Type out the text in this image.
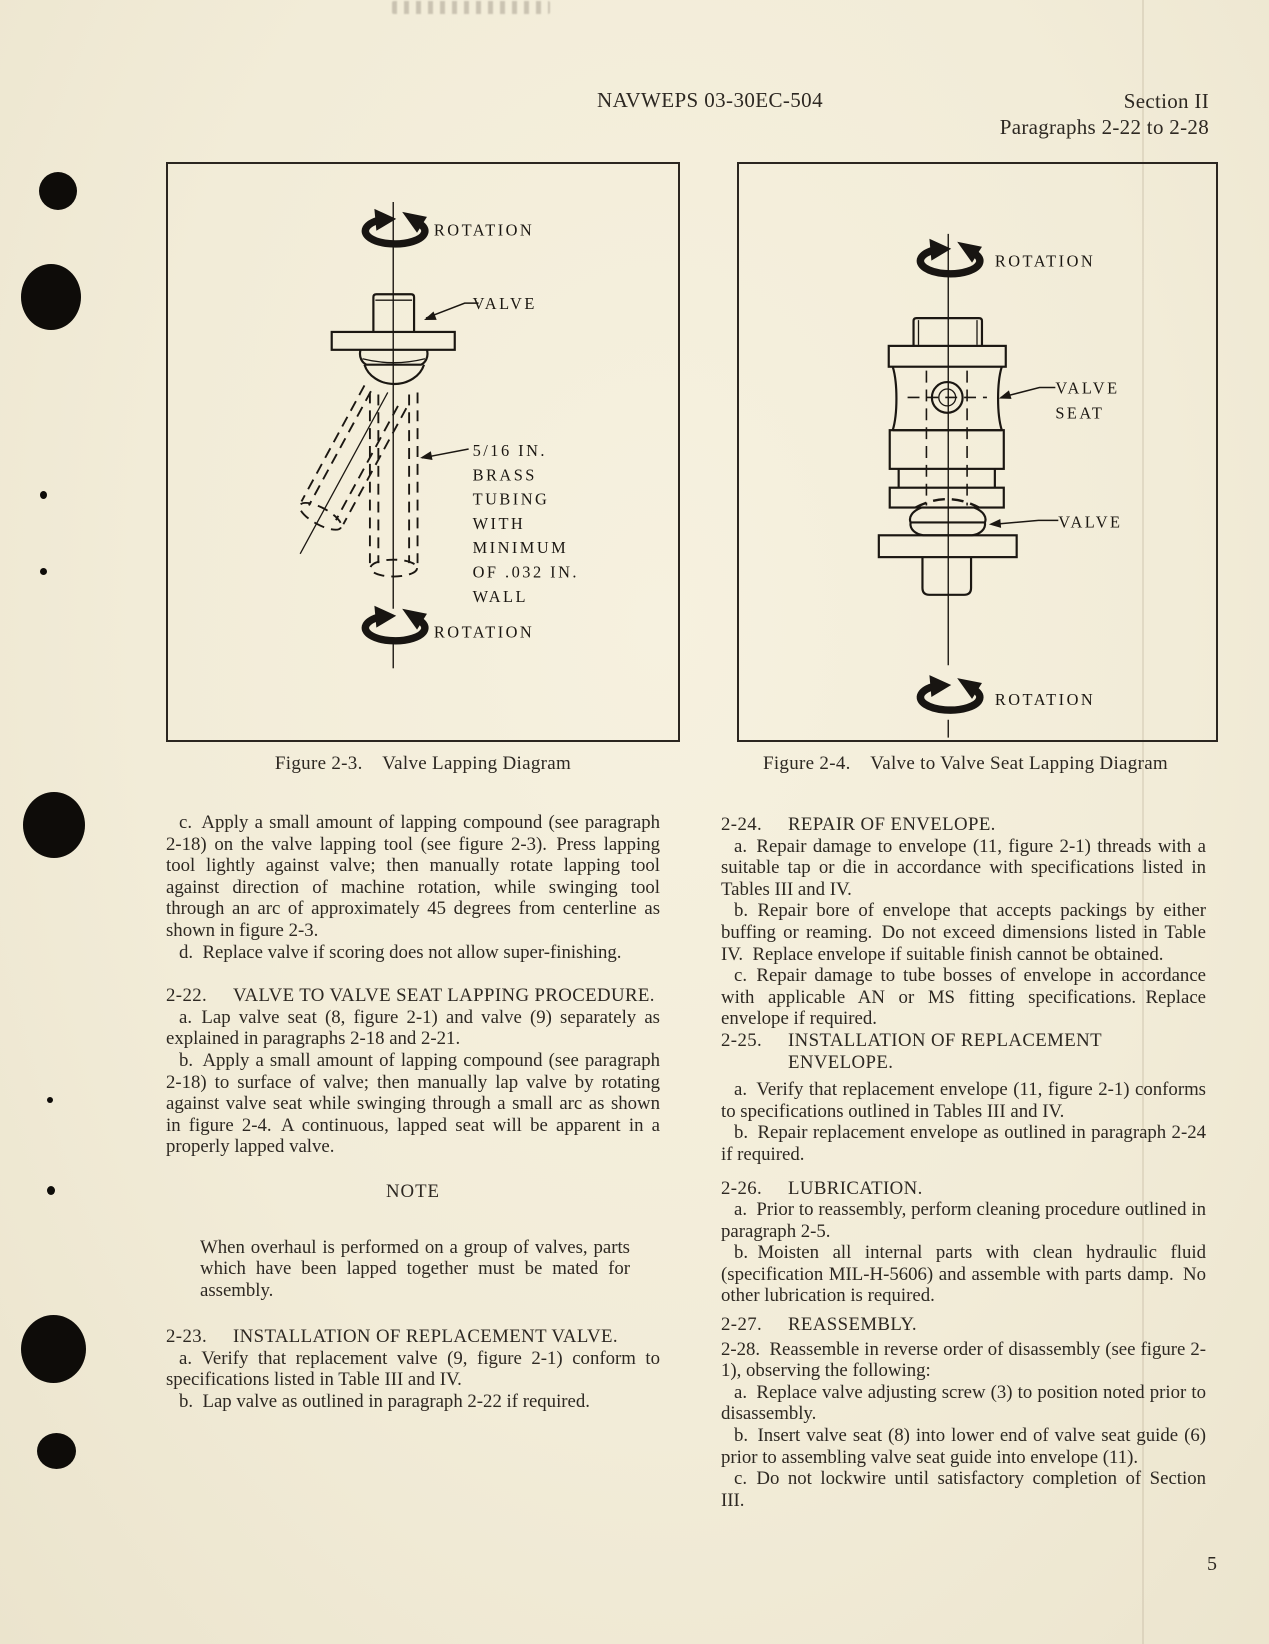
NAVWEPS 03-30EC-504	Section II
Paragraphs 2-22 to 2-28
ROTATION
VALVE
5/16 IN.
BRASS
TUBING
WITH
MINIMUM
OF .032 IN.
WALL
ROTATION
ROTATION
VALVE
SEAT
VALVE
ROTATION
Figure 2-3.  Valve Lapping Diagram	Figure 2-4.  Valve to Valve Seat Lapping Diagram

c. Apply a small amount of lapping compound (see paragraph 2-18) on the valve lapping tool (see figure 2-3). Press lapping tool lightly against valve; then manually rotate lapping tool against direction of machine rotation, while swinging tool through an arc of approximately 45 degrees from centerline as shown in figure 2-3.

d. Replace valve if scoring does not allow super-finishing.

2-22.	VALVE TO VALVE SEAT LAPPING PROCEDURE.

a. Lap valve seat (8, figure 2-1) and valve (9) separately as explained in paragraphs 2-18 and 2-21.

b. Apply a small amount of lapping compound (see paragraph 2-18) to surface of valve; then manually lap valve by rotating against valve seat while swinging through a small arc as shown in figure 2-4. A continuous, lapped seat will be apparent in a properly lapped valve.

NOTE

When overhaul is performed on a group of valves, parts which have been lapped together must be mated for assembly.

2-23.	INSTALLATION OF REPLACEMENT VALVE.

a. Verify that replacement valve (9, figure 2-1) conform to specifications listed in Table III and IV.

b. Lap valve as outlined in paragraph 2-22 if required.

2-24.	REPAIR OF ENVELOPE.

a. Repair damage to envelope (11, figure 2-1) threads with a suitable tap or die in accordance with specifications listed in Tables III and IV.

b. Repair bore of envelope that accepts packings by either buffing or reaming. Do not exceed dimensions listed in Table IV. Replace envelope if suitable finish cannot be obtained.

c. Repair damage to tube bosses of envelope in accordance with applicable AN or MS fitting specifications. Replace envelope if required.

2-25.	INSTALLATION OF REPLACEMENT
ENVELOPE.

a. Verify that replacement envelope (11, figure 2-1) conforms to specifications outlined in Tables III and IV.

b. Repair replacement envelope as outlined in paragraph 2-24 if required.

2-26.	LUBRICATION.

a. Prior to reassembly, perform cleaning procedure outlined in paragraph 2-5.

b. Moisten all internal parts with clean hydraulic fluid (specification MIL-H-5606) and assemble with parts damp. No other lubrication is required.

2-27.	REASSEMBLY.

2-28. Reassemble in reverse order of disassembly (see figure 2-1), observing the following:

a. Replace valve adjusting screw (3) to position noted prior to disassembly.

b. Insert valve seat (8) into lower end of valve seat guide (6) prior to assembling valve seat guide into envelope (11).

c. Do not lockwire until satisfactory completion of Section III.

5
